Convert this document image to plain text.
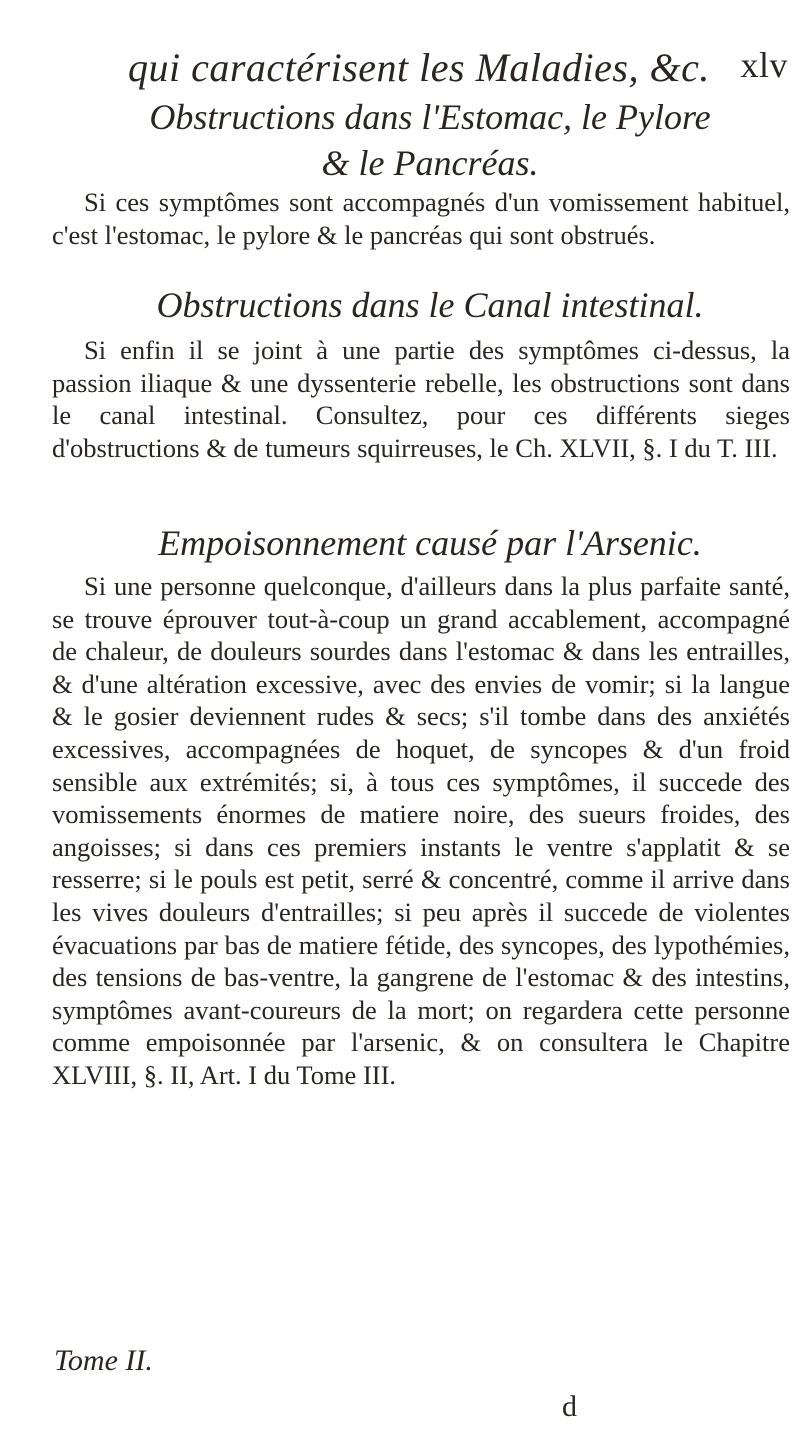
qui caractérisent les Maladies, &c. xlv
Obstructions dans l'Estomac, le Pylore
& le Pancréas.

Si ces symptômes sont accompagnés d'un vomissement habituel, c'est l'estomac, le pylore & le pancréas qui sont obstrués.

Obstructions dans le Canal intestinal.

Si enfin il se joint à une partie des symptômes ci-dessus, la passion iliaque & une dyssenterie rebelle, les obstructions sont dans le canal intestinal. Consultez, pour ces différents sieges d'obstructions & de tumeurs squirreuses, le Ch. XLVII, §. I du T. III.

Empoisonnement causé par l'Arsenic.

Si une personne quelconque, d'ailleurs dans la plus parfaite santé, se trouve éprouver tout-à-coup un grand accablement, accompagné de chaleur, de douleurs sourdes dans l'estomac & dans les entrailles, & d'une altération excessive, avec des envies de vomir; si la langue & le gosier deviennent rudes & secs; s'il tombe dans des anxiétés excessives, accompagnées de hoquet, de syncopes & d'un froid sensible aux extrémités; si, à tous ces symptômes, il succede des vomissements énormes de matiere noire, des sueurs froides, des angoisses; si dans ces premiers instants le ventre s'applatit & se resserre; si le pouls est petit, serré & concentré, comme il arrive dans les vives douleurs d'entrailles; si peu après il succede de violentes évacuations par bas de matiere fétide, des syncopes, des lypothémies, des tensions de bas-ventre, la gangrene de l'estomac & des intestins, symptômes avant-coureurs de la mort; on regardera cette personne comme empoisonnée par l'arsenic, & on consultera le Chapitre XLVIII, §. II, Art. I du Tome III.

Tome II.
d
